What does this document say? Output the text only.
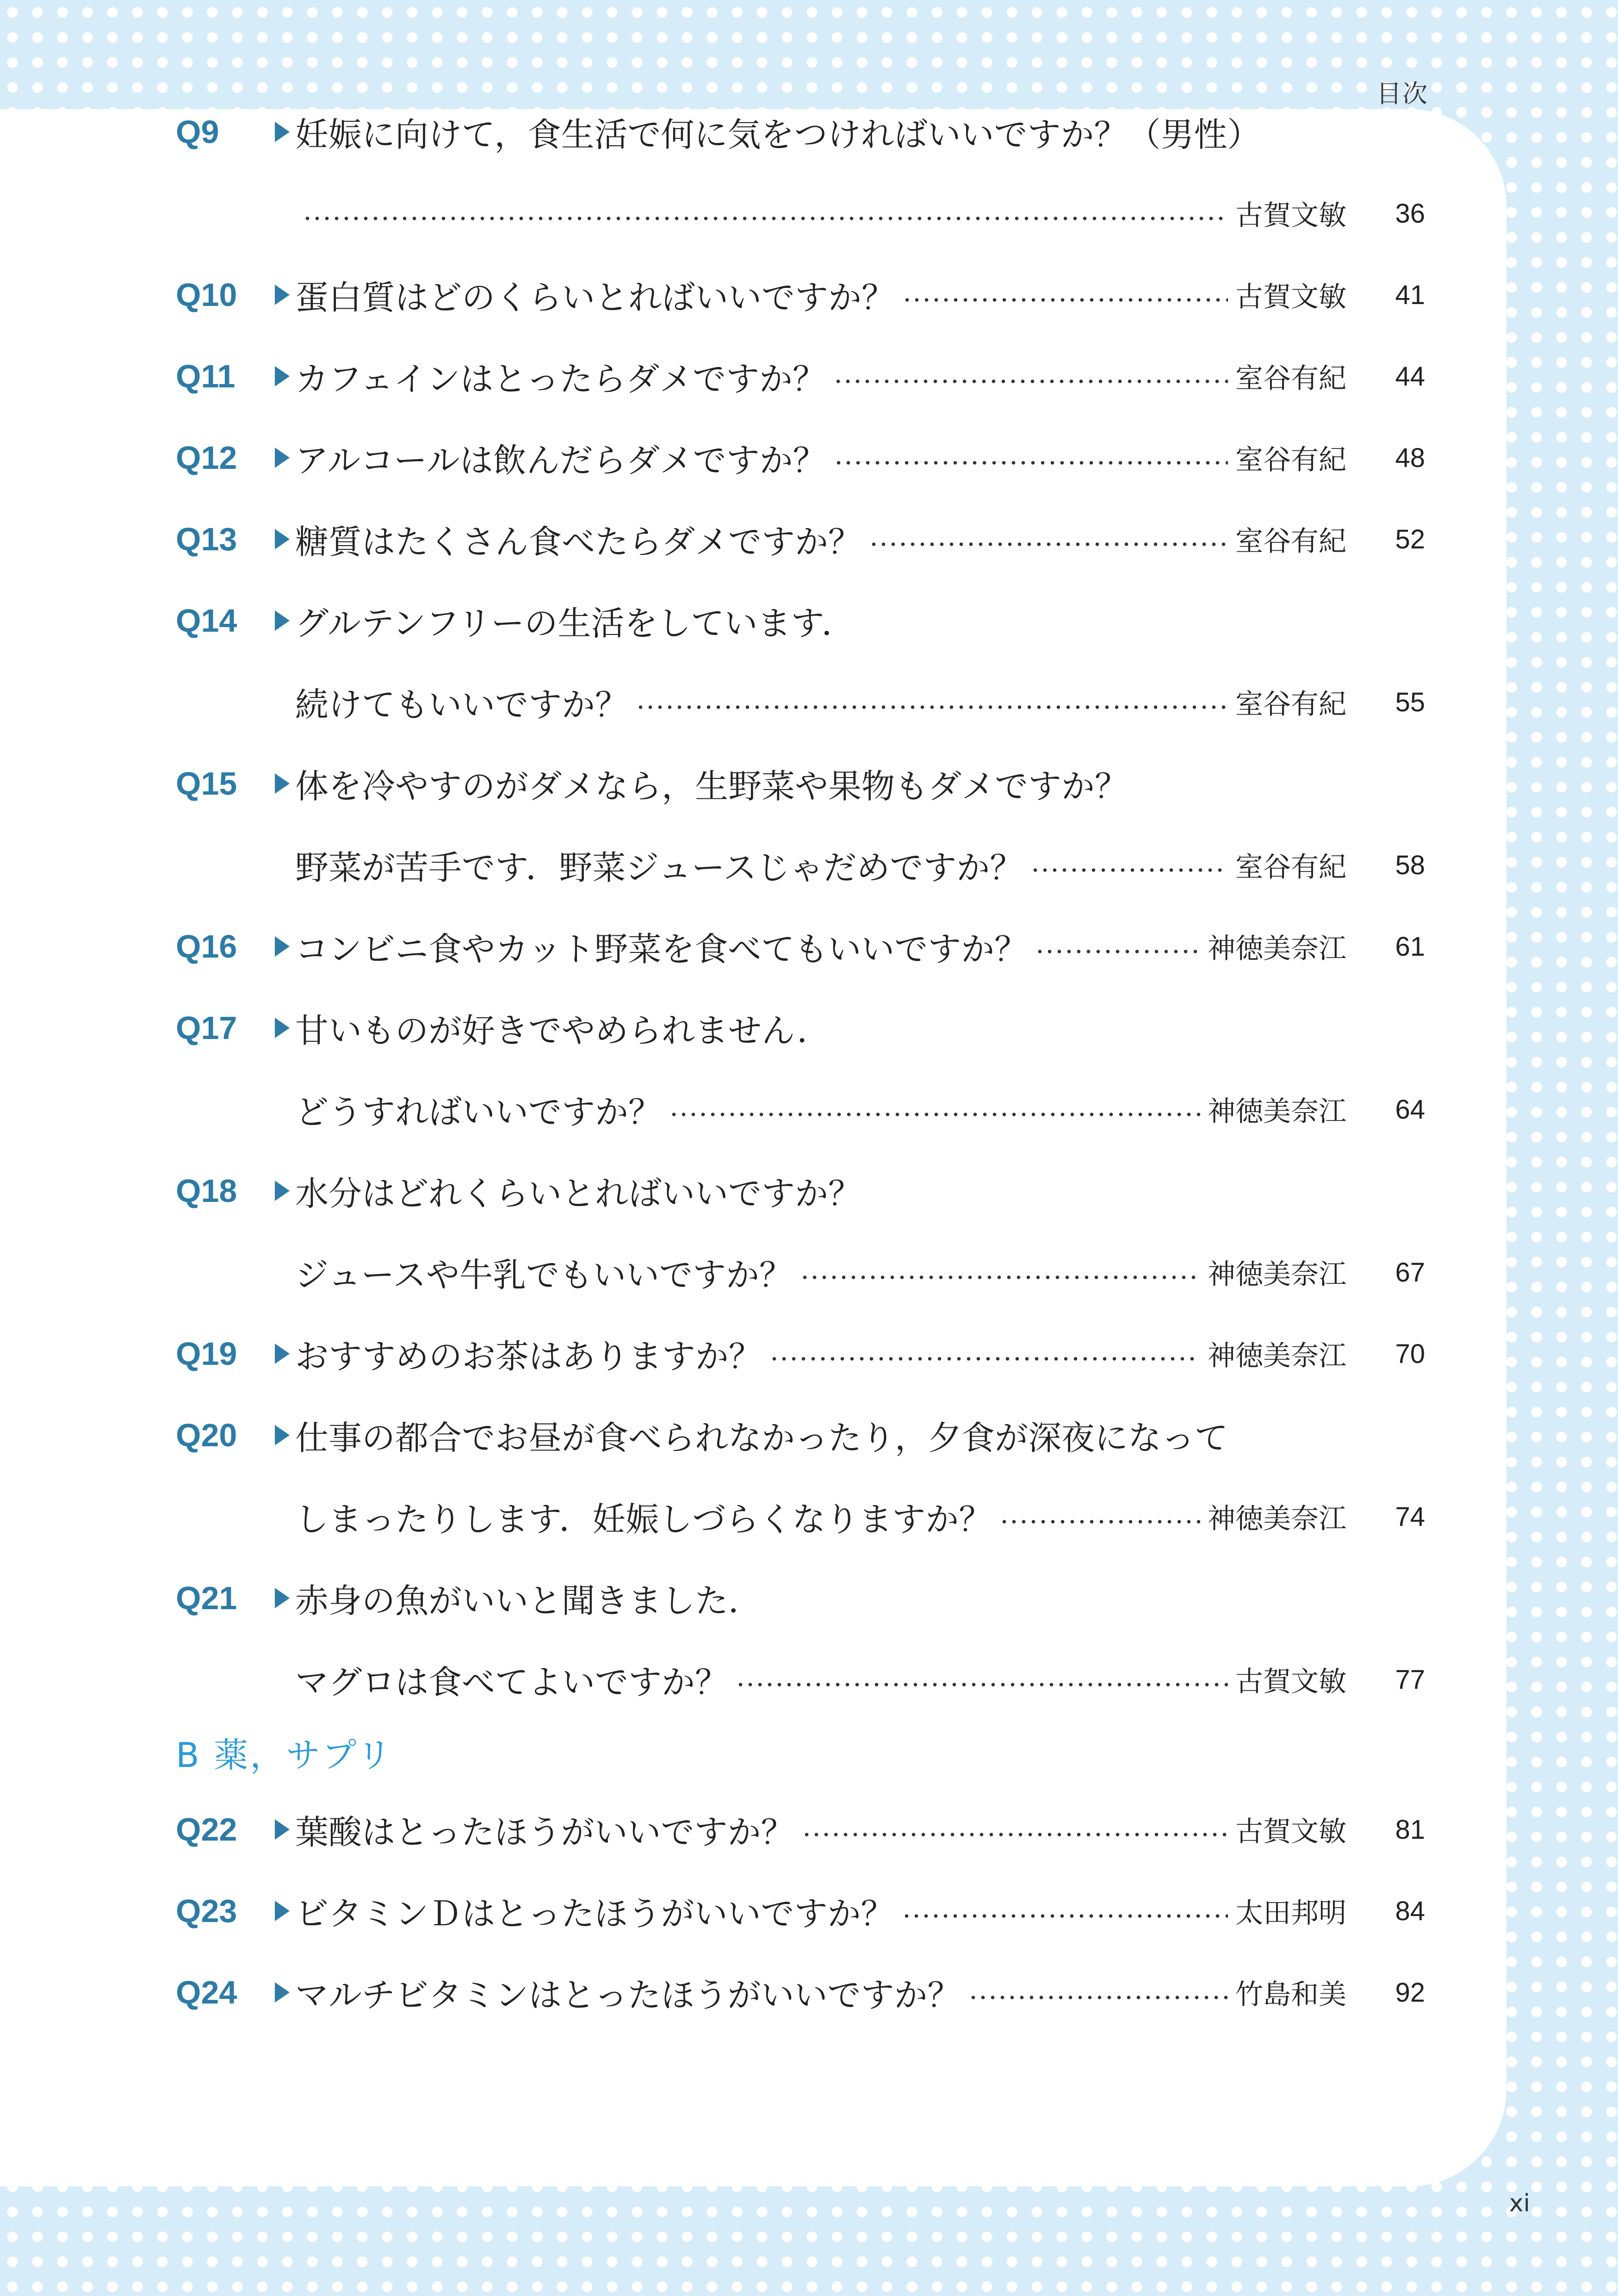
目次
Q9	妊娠に向けて，食生活で何に気をつければいいですか？（男性）
古賀文敏	36
Q10	蛋白質はどのくらいとればいいですか？	古賀文敏	41
Q11	カフェインはとったらダメですか？	室谷有紀	44
Q12	アルコールは飲んだらダメですか？	室谷有紀	48
Q13	糖質はたくさん食べたらダメですか？	室谷有紀	52
Q14	グルテンフリーの生活をしています．
続けてもいいですか？	室谷有紀	55
Q15	体を冷やすのがダメなら，生野菜や果物もダメですか？
野菜が苦手です．野菜ジュースじゃだめですか？	室谷有紀	58
Q16	コンビニ食やカット野菜を食べてもいいですか？	神徳美奈江	61
Q17	甘いものが好きでやめられません．
どうすればいいですか？	神徳美奈江	64
Q18	水分はどれくらいとればいいですか？
ジュースや牛乳でもいいですか？	神徳美奈江	67
Q19	おすすめのお茶はありますか？	神徳美奈江	70
Q20	仕事の都合でお昼が食べられなかったり，夕食が深夜になって
しまったりします．妊娠しづらくなりますか？	神徳美奈江	74
Q21	赤身の魚がいいと聞きました．
マグロは食べてよいですか？	古賀文敏	77
B 薬，サプリ
Q22	葉酸はとったほうがいいですか？	古賀文敏	81
Q23	ビタミンＤはとったほうがいいですか？	太田邦明	84
Q24	マルチビタミンはとったほうがいいですか？	竹島和美	92
xi
